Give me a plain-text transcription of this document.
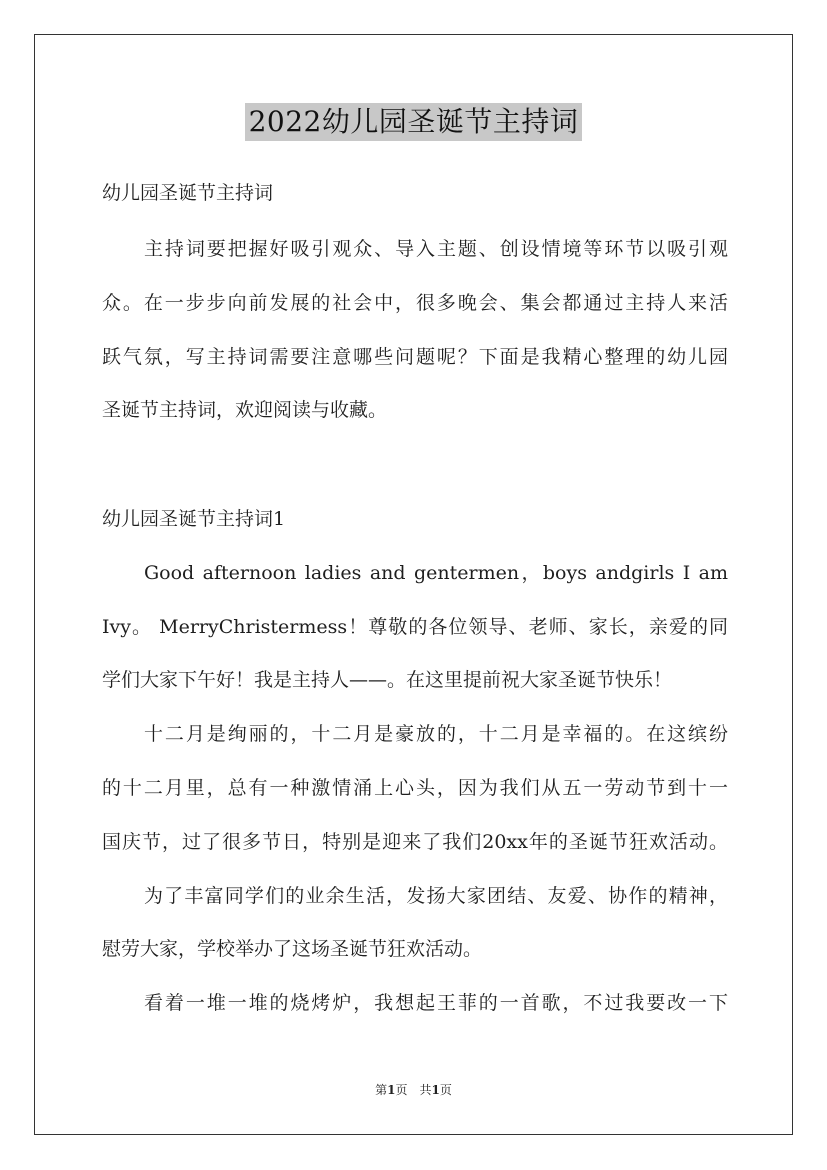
2022幼儿园圣诞节主持词
幼儿园圣诞节主持词
主持词要把握好吸引观众、导入主题、创设情境等环节以吸引观
众。在一步步向前发展的社会中，很多晚会、集会都通过主持人来活
跃气氛，写主持词需要注意哪些问题呢？下面是我精心整理的幼儿园
圣诞节主持词，欢迎阅读与收藏。
幼儿园圣诞节主持词1
Good afternoon ladies and gentermen，boys andgirls I am
Ivy。 MerryChristermess！尊敬的各位领导、老师、家长，亲爱的同
学们大家下午好！我是主持人——。在这里提前祝大家圣诞节快乐！
十二月是绚丽的，十二月是豪放的，十二月是幸福的。在这缤纷
的十二月里，总有一种激情涌上心头，因为我们从五一劳动节到十一
国庆节，过了很多节日，特别是迎来了我们20xx年的圣诞节狂欢活动。
为了丰富同学们的业余生活，发扬大家团结、友爱、协作的精神，
慰劳大家，学校举办了这场圣诞节狂欢活动。
看着一堆一堆的烧烤炉，我想起王菲的一首歌，不过我要改一下
第1页 共1页
